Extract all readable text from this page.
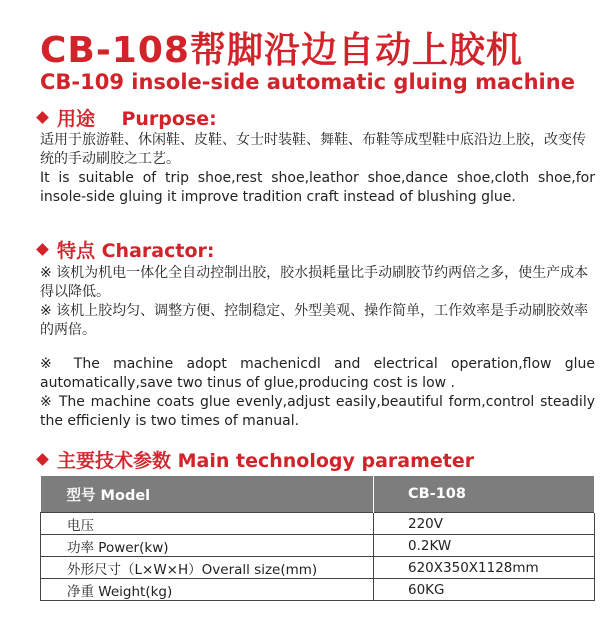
CB-108帮脚沿边自动上胶机
CB-109 insole-side automatic gluing machine
用途    Purpose:
适用于旅游鞋、休闲鞋、皮鞋、女士时装鞋、舞鞋、布鞋等成型鞋中底沿边上胶，改变传统的手动刷胶之工艺。
It is suitable of trip shoe,rest shoe,leathor shoe,dance shoe,cloth shoe,for insole-side gluing it improve tradition craft instead of blushing glue.
特点 Charactor:
※ 该机为机电一体化全自动控制出胶，胶水损耗量比手动刷胶节约两倍之多，使生产成本得以降低。
※ 该机上胶均匀、调整方便、控制稳定、外型美观、操作简单，工作效率是手动刷胶效率的两倍。
※ The machine adopt machenicdl and electrical operation,flow glue automatically,save two tinus of glue,producing cost is low .
※ The machine coats glue evenly,adjust easily,beautiful form,control steadily the efficienly is two times of manual.
主要技术参数 Main technology parameter
型号 Model	CB-108
电压	220V
功率 Power(kw)	0.2KW
外形尺寸（L×W×H）Overall size(mm)	620X350X1128mm
净重 Weight(kg)	60KG
